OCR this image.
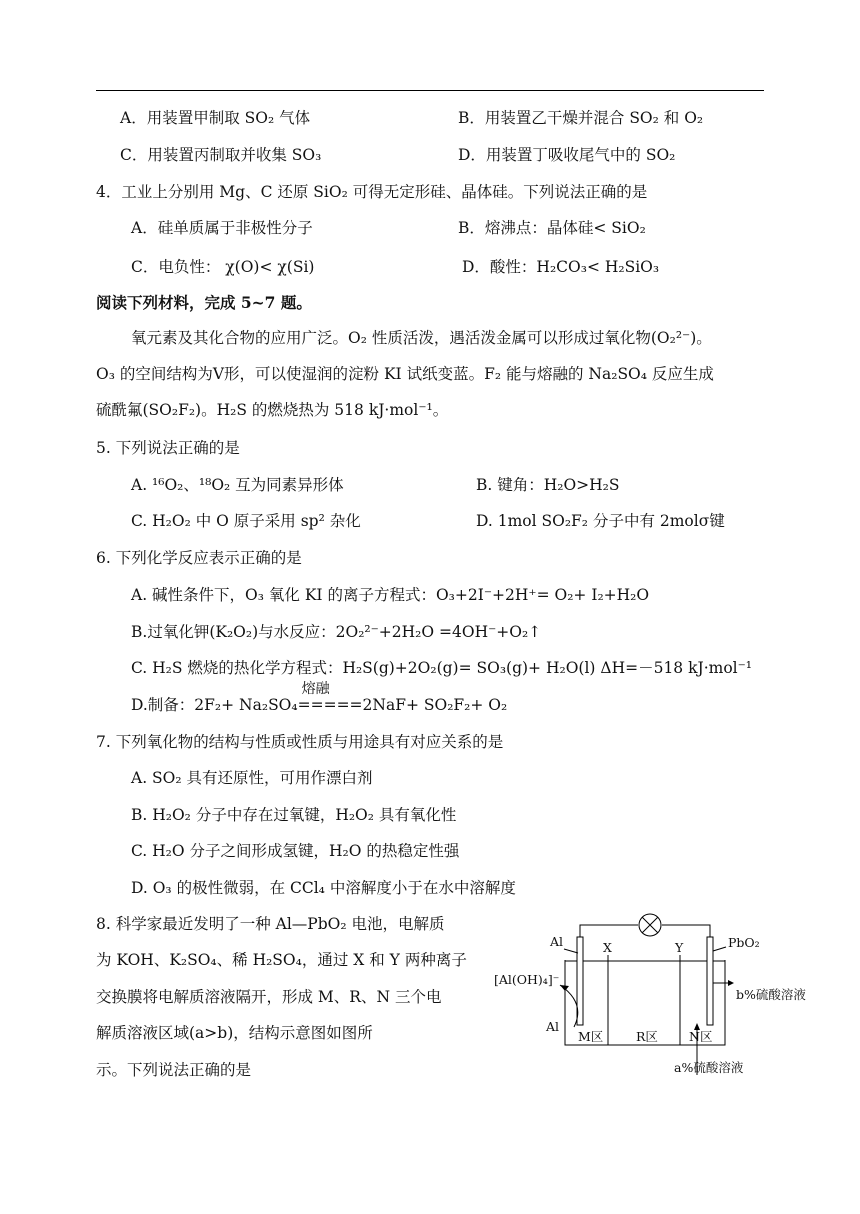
A．用装置甲制取 SO₂ 气体	B．用装置乙干燥并混合 SO₂ 和 O₂
C．用装置丙制取并收集 SO₃	D．用装置丁吸收尾气中的 SO₂
4．工业上分别用 Mg、C 还原 SiO₂ 可得无定形硅、晶体硅。下列说法正确的是
A．硅单质属于非极性分子	B．熔沸点：晶体硅< SiO₂
C．电负性： χ(O)< χ(Si)	D．酸性：H₂CO₃< H₂SiO₃
阅读下列材料，完成 5~7 题。
氧元素及其化合物的应用广泛。O₂ 性质活泼，遇活泼金属可以形成过氧化物(O₂²⁻)。
O₃ 的空间结构为Ⅴ形，可以使湿润的淀粉 KI 试纸变蓝。F₂ 能与熔融的 Na₂SO₄ 反应生成
硫酰氟(SO₂F₂)。H₂S 的燃烧热为 518 kJ·mol⁻¹。
5. 下列说法正确的是
A. ¹⁶O₂、¹⁸O₂ 互为同素异形体	B. 键角：H₂O>H₂S
C. H₂O₂ 中 O 原子采用 sp² 杂化	D. 1mol SO₂F₂ 分子中有 2molσ键
6. 下列化学反应表示正确的是
A. 碱性条件下，O₃ 氧化 KI 的离子方程式：O₃+2I⁻+2H⁺= O₂+ I₂+H₂O
B.过氧化钾(K₂O₂)与水反应：2O₂²⁻+2H₂O =4OH⁻+O₂↑
C. H₂S 燃烧的热化学方程式：H₂S(g)+2O₂(g)= SO₃(g)+ H₂O(l) ΔH=－518 kJ·mol⁻¹
D.制备：2F₂+ Na₂SO₄
熔融
=====2NaF+ SO₂F₂+ O₂
7. 下列氧化物的结构与性质或性质与用途具有对应关系的是
A. SO₂ 具有还原性，可用作漂白剂
B. H₂O₂ 分子中存在过氧键，H₂O₂ 具有氧化性
C. H₂O 分子之间形成氢键，H₂O 的热稳定性强
D. O₃ 的极性微弱，在 CCl₄ 中溶解度小于在水中溶解度
8. 科学家最近发明了一种 Al—PbO₂ 电池，电解质
为 KOH、K₂SO₄、稀 H₂SO₄，通过 X 和 Y 两种离子
交换膜将电解质溶液隔开，形成 M、R、N 三个电
解质溶液区域(a>b)，结构示意图如图所
示。下列说法正确的是
Al
[Al(OH)₄]⁻
Al
X	Y	PbO₂
b%硫酸溶液
M区	R区 N区
a%硫酸溶液
